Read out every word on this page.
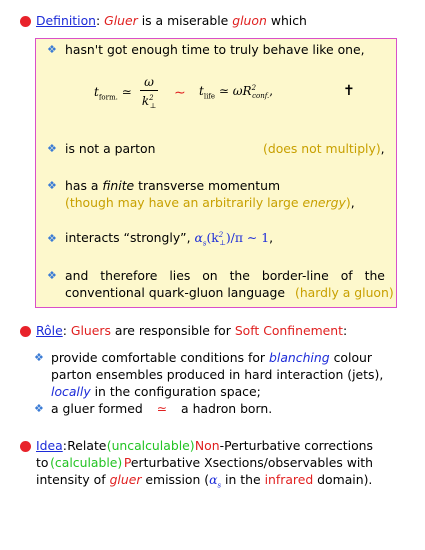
Definition: Gluer is a miserable gluon which
❖ hasn't got enough time to truly behave like one,
$t_{form.}$ ≃
ω
$k^2_\perp$
∼ $t_{life}$ ≃ $\omega R^2_{conf.}$,	✝
❖ is not a parton	(does not multiply),
❖ has a finite transverse momentum
(though may have an arbitrarily large energy),
❖ interacts “strongly”, $\alpha_s(k^2_\perp)/\pi$ ∼ 1,
❖ and therefore lies on the border-line of the
conventional quark-gluon language (hardly a gluon)
Rôle: Gluers are responsible for Soft Confinement:
❖ provide comfortable conditions for blanching colour
parton ensembles produced in hard interaction (jets),
locally in the configuration space;
❖ a gluer formed ≃ a hadron born.
Idea: Relate (uncalculable) Non-Perturbative corrections
to (calculable) Perturbative Xsections/observables with
intensity of gluer emission ($\alpha_s$ in the infrared domain).
